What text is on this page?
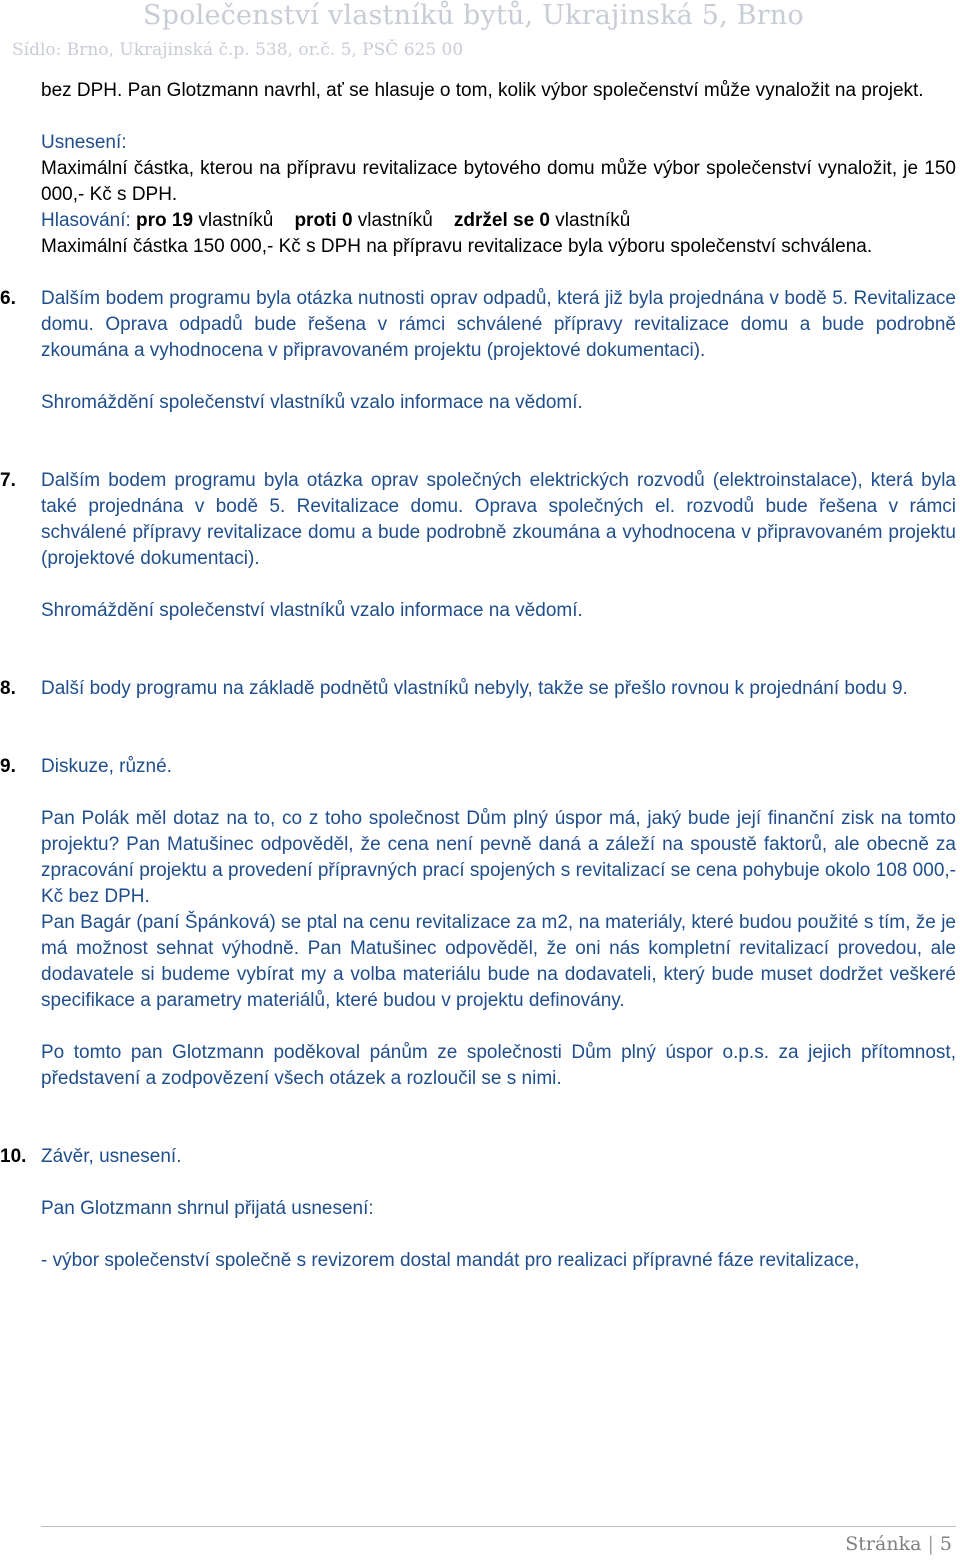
Společenství vlastníků bytů, Ukrajinská 5, Brno
Sídlo: Brno, Ukrajinská č.p. 538, or.č. 5, PSČ 625 00

bez DPH. Pan Glotzmann navrhl, ať se hlasuje o tom, kolik výbor společenství může vynaložit na projekt.

Usnesení:

Maximální částka, kterou na přípravu revitalizace bytového domu může výbor společenství vynaložit, je 150 000,- Kč s DPH.

Hlasování: pro 19 vlastníků    proti 0 vlastníků    zdržel se 0 vlastníků

Maximální částka 150 000,- Kč s DPH na přípravu revitalizace byla výboru společenství schválena.

6.	Dalším bodem programu byla otázka nutnosti oprav odpadů, která již byla projednána v bodě 5. Revitalizace domu. Oprava odpadů bude řešena v rámci schválené přípravy revitalizace domu a bude podrobně zkoumána a vyhodnocena v připravovaném projektu (projektové dokumentaci).

Shromáždění společenství vlastníků vzalo informace na vědomí.

7.	Dalším bodem programu byla otázka oprav společných elektrických rozvodů (elektroinstalace), která byla také projednána v bodě 5. Revitalizace domu. Oprava společných el. rozvodů bude řešena v rámci schválené přípravy revitalizace domu a bude podrobně zkoumána a vyhodnocena v připravovaném projektu (projektové dokumentaci).

Shromáždění společenství vlastníků vzalo informace na vědomí.

8.	Další body programu na základě podnětů vlastníků nebyly, takže se přešlo rovnou k projednání bodu 9.

9.	Diskuze, různé.

Pan Polák měl dotaz na to, co z toho společnost Dům plný úspor má, jaký bude její finanční zisk na tomto projektu? Pan Matušinec odpověděl, že cena není pevně daná a záleží na spoustě faktorů, ale obecně za zpracování projektu a provedení přípravných prací spojených s revitalizací se cena pohybuje okolo 108 000,- Kč bez DPH.

Pan Bagár (paní Špánková) se ptal na cenu revitalizace za m2, na materiály, které budou použité s tím, že je má možnost sehnat výhodně. Pan Matušinec odpověděl, že oni nás kompletní revitalizací provedou, ale dodavatele si budeme vybírat my a volba materiálu bude na dodavateli, který bude muset dodržet veškeré specifikace a parametry materiálů, které budou v projektu definovány.

Po tomto pan Glotzmann poděkoval pánům ze společnosti Dům plný úspor o.p.s. za jejich přítomnost, představení a zodpovězení všech otázek a rozloučil se s nimi.

10. Závěr, usnesení.

Pan Glotzmann shrnul přijatá usnesení:

- výbor společenství společně s revizorem dostal mandát pro realizaci přípravné fáze revitalizace,

Stránka | 5
